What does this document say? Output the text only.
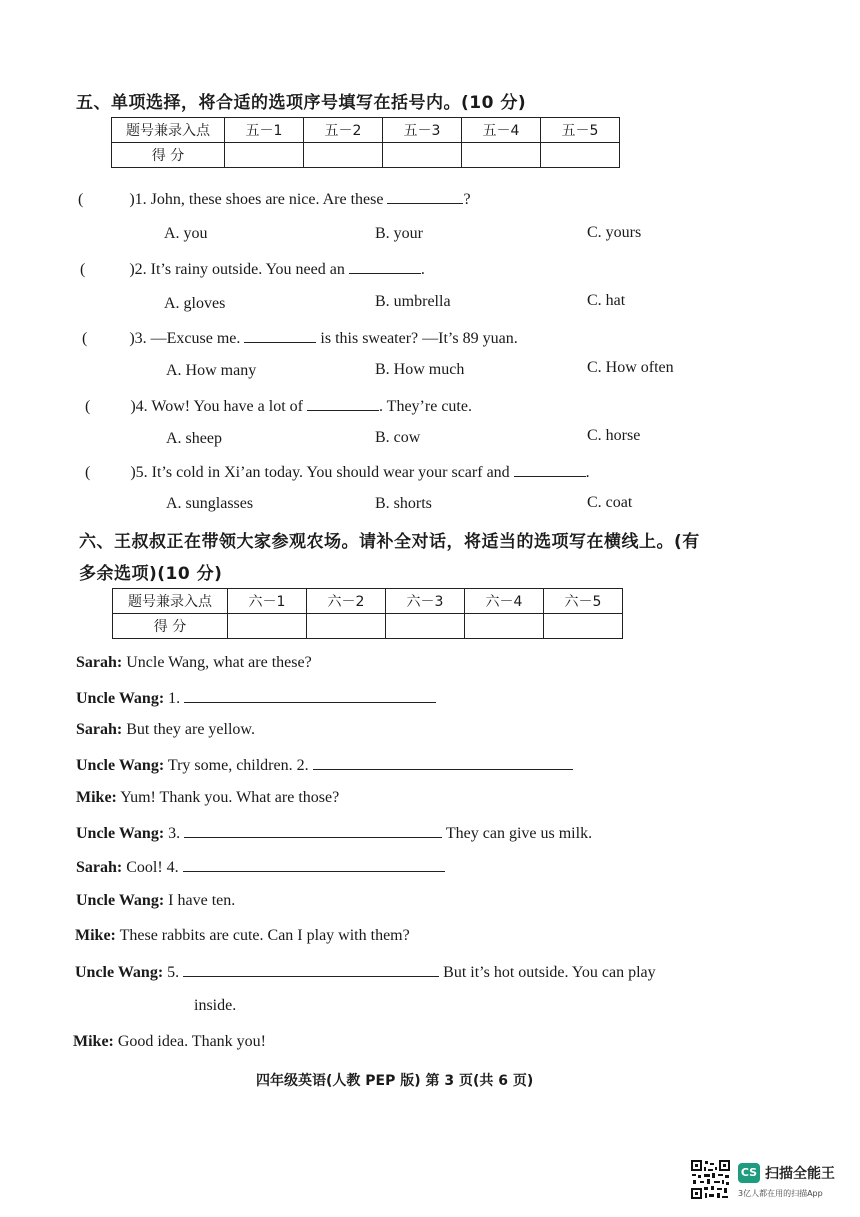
五、单项选择，将合适的选项序号填写在括号内。(10 分)
题号兼录入点	五－1	五－2	五－3	五－4	五－5
得 分					
(	)1. John, these shoes are nice. Are these	?
A. you	B. your	C. yours
(	)2. It’s rainy outside. You need an	.
A. gloves	B. umbrella	C. hat
(	)3. —Excuse me.	is this sweater? —It’s 89 yuan.
A. How many	B. How much	C. How often
(	)4. Wow! You have a lot of	. They’re cute.
A. sheep	B. cow	C. horse
(	)5. It’s cold in Xi’an today. You should wear your scarf and	.
A. sunglasses	B. shorts	C. coat
六、王叔叔正在带领大家参观农场。请补全对话，将适当的选项写在横线上。(有
多余选项)(10 分)
题号兼录入点	六－1	六－2	六－3	六－4	六－5
得 分					
Sarah: Uncle Wang, what are these?
Uncle Wang: 1.
Sarah: But they are yellow.
Uncle Wang: Try some, children. 2.
Mike: Yum! Thank you. What are those?
Uncle Wang: 3.	They can give us milk.
Sarah: Cool! 4.
Uncle Wang: I have ten.
Mike: These rabbits are cute. Can I play with them?
Uncle Wang: 5.	But it’s hot outside. You can play
inside.
Mike: Good idea. Thank you!
四年级英语(人教 PEP 版) 第 3 页(共 6 页)
CS 扫描全能王
3亿人都在用的扫描App
